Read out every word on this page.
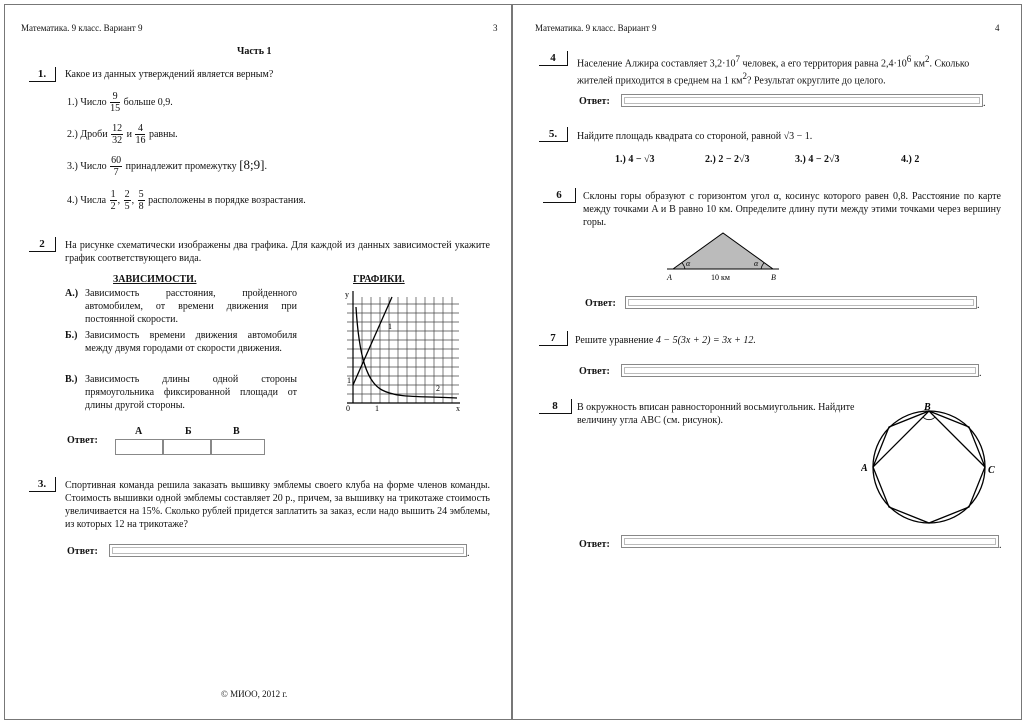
Математика. 9 класс. Вариант 9	3
Часть 1
1.	Какое из данных утверждений является верным?
1.) Число $\frac{9}{15}$ больше 0,9.
2.) Дроби $\frac{12}{32}$ и $\frac{4}{16}$ равны.
3.) Число $\frac{60}{7}$ принадлежит промежутку [8;9].
4.) Числа $\frac{1}{2}$ , $\frac{2}{5}$ , $\frac{5}{8}$ расположены в порядке возрастания.
2	На рисунке схематически изображены два графика. Для каждой из данных зависимостей укажите график соответствующего вида.
ЗАВИСИМОСТИ.	ГРАФИКИ.
А.) Зависимость расстояния, пройденного автомобилем, от времени движения при постоянной скорости.
Б.) Зависимость времени движения автомобиля между двумя городами от скорости движения.
В.) Зависимость длины одной стороны прямоугольника фиксированной площади от длины другой стороны.
y
x
0	1
1
1
2
Ответ:
А	Б	В
3.	Спортивная команда решила заказать вышивку эмблемы своего клуба на форме членов команды. Стоимость вышивки одной эмблемы составляет 20 р., причем, за вышивку на трикотаже стоимость увеличивается на 15%. Сколько рублей придется заплатить за заказ, если надо вышить 24 эмблемы, из которых 12 на трикотаже?
Ответ:	.
© МИОО, 2012 г.
Математика. 9 класс. Вариант 9	4
4	Население Алжира составляет $3,2\cdot 10^7$ человек, а его территория равна $2,4\cdot 10^6$ $км^2$. Сколько жителей приходится в среднем на 1 $км^2$? Результат округлите до целого.
Ответ:	.
5.	Найдите площадь квадрата со стороной, равной √3 − 1.
1.) 4 − √3	2.) 2 − 2√3	3.) 4 − 2√3	4.) 2
6	Склоны горы образуют с горизонтом угол α, косинус которого равен 0,8. Расстояние по карте между точками A и B равно 10 км. Определите длину пути между этими точками через вершину горы.
α	α
A	B
10 км
Ответ:	.
7	Решите уравнение 4 − 5(3x + 2) = 3x + 12.
Ответ:	.
8	В окружность вписан равносторонний восьмиугольник. Найдите величину угла ABC (см. рисунок).
B
A	C
Ответ:	.
